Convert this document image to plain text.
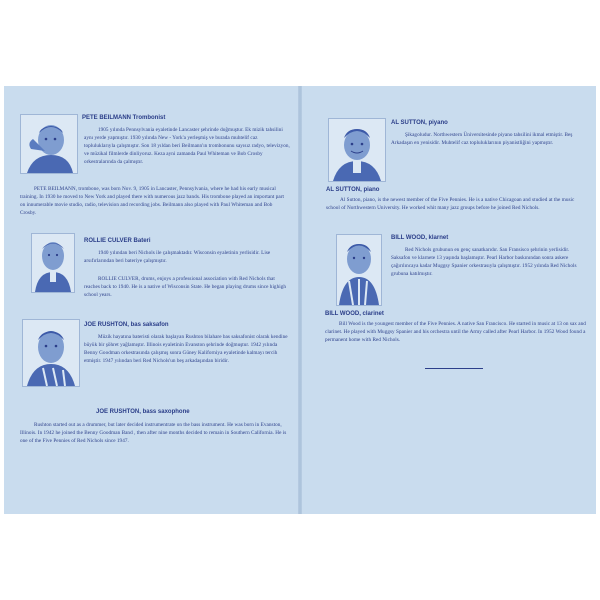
PETE BEILMANN Trombonist

1905 yılında Pennsylvania eyaletinde Lancaster şehrinde doğmuştur. Ek mizik tahsilini aynı yerde yapmıştır. 1930 yılında New - York'a yerleşmiş ve burada muhtelif caz topluluklarıyla çalışmıştır. Son 18 yıldan beri Beilmann'ın trombonunu sayısız radyo, televizyon, ve müzikal filmlerde dinliyoruz. Keza ayni zamanda Paul Whiteman ve Bob Crosby orkestralarında da çalmıştır.

PETE BEILMANN, trombone, was born Nov. 9, 1905 in Lancaster, Pennsylvania, where he had his early musical training. In 1930 he moved to New York and played there with numerous jazz bands. His trombone played an important part on innumerable movie studio, radio, television and recording jobs. Beilmann also played with Paul Whiteman and Bob Crosby.

ROLLIE CULVER Bateri

1940 yılından beri Nichols ile çalışmaktadır. Wisconsin eyaletinin yerlisidir. Lise arsıfırlarından beri bateriye çalışmıştır.

ROLLIE CULVER, drums, enjoys a professional association with Red Nichols that reaches back to 1940. He is a native of Wisconsin State. He began playing drums since highigh school years.

JOE RUSHTON, bas saksafon

Müzik hayatına bateristi olarak başlayan Rushton bilahare bas saksafonist olarak kendine büyük bir şöhret yağlamıştır. Illinois eyaletinin Evanston şehrinde doğmuştur. 1942 yılında Benny Goodman orkestrasında çalışmış sonra Güney Kaliforniya eyaletinde kalmayı tercih etmiştir. 1947 yılından beri Red Nichols'un beş arkadaşından biridir.

JOE RUSHTON, bass saxophone

Rushton started out as a drummer, but later decided instrumentrate on the bass instrument. He was born in Evanston, Illinois. In 1942 he joined the Benny Goodman Band , then after nine months decided to remain in Southern California. He is one of the Five Pennies of Red Nichols since 1947.

AL SUTTON, piyano

Şikagoludur. Northwestern Üniversitesinde piyano tahsilini ikmal etmiştir. Beş Arkadaşın en yenisidir. Muhtelif caz topluluklarının piyanistliğini yapmıştır.

AL SUTTON, piano

Al Sutton, piano, is the newest member of the Five Pennies. He is a native Chicagoan and studied at the music school of Northwestern University. He worked whit many jazz groups before he joined Red Nichols.

BILL WOOD, klarnet

Red Nichols grubunun en genç sanatkarıdır. San Fransisco şehrinin yerlisidir. Saksafon ve klarnete 13 yaşında başlamıştır. Pearl Harbor baskınından sonra askere çağırılıncaya kadar Muggsy Spanier orkestrasıyla çalışmıştır. 1952 yılında Red Nichols grubuna katılmıştır.

BILL WOOD, clarinet

Bill Wood is the youngest member of the Five Pennies. A native San Francisco. He started in music at 13 on sax and clarinet. He played with Muggsy Spanier and his orchestra until the Army called after Pearl Harbor. In 1952 Wood found a permanent home with Red Nichols.
